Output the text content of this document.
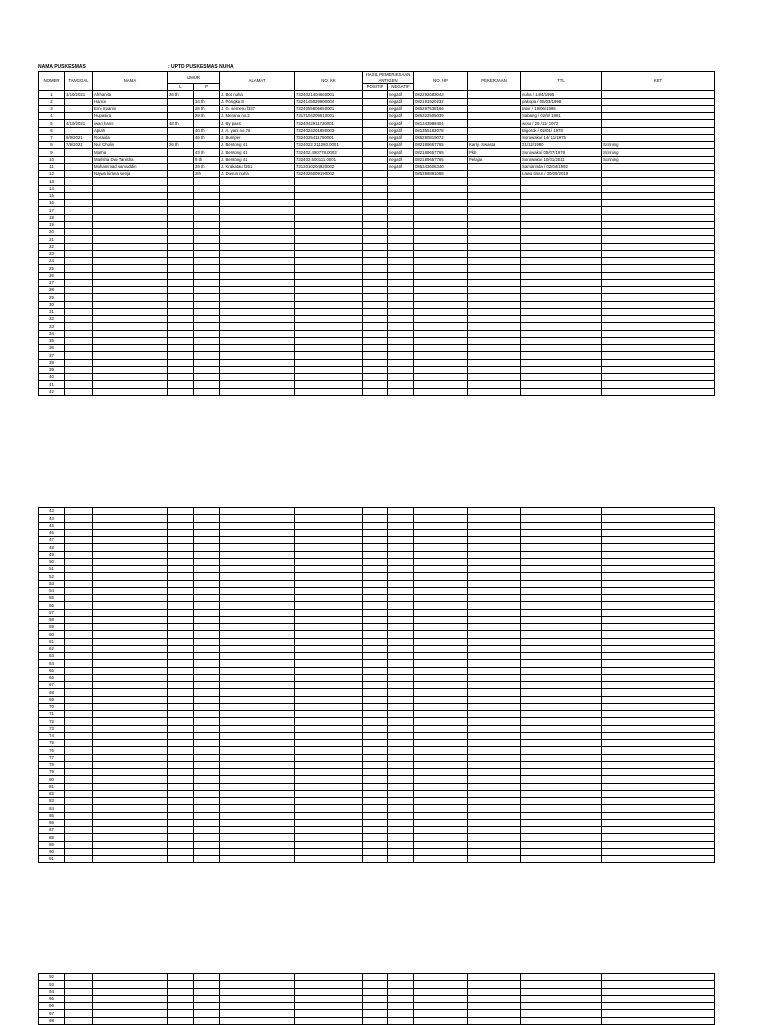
NAMA PUSKESMAS	: UPTD PUSKESMAS NUHA
NOMER	TANGGAL	NAMA	UMUR		ALAMAT	NO. KK	HASIL PEMERIKSAAN ANTIGEN		NO. HP	PEKERJAAN	TTL	KET
			L	P			POSITIF	NEGATIF				
1	1/10/2021	Afrhanita	26 th		J. Bot nuha	7324021404660001		negatif	082292683043		nuha / 14/4/1995	
2		Hance		34 th	J. Pongka 8	7324145029900004		negatif	082191920232		pakopa / 05/03/1998	
3		Erni Irpanni		26 th	J. G. semeru f337	7324055806650001		negatif	085297538166		tator / 19/06/1995	
4		Hupasira		29 th	J. Merana no.3	7317104209910001		negatif	085322505039		Sabang / 02/9/ 1991	
5	4/10/2021	iwan hans	48 th		J. By pass	7324042911720001		negatif	081343988404		wotu / 29 /11/ 1972	
6		Apiah		40 th	J. A. yani no.76	7324024201880003		negatif	081355182078		Bigorok / 02/01/ 1978	
7	6/9/2021	Rosaida		46 th	J. Bumper	7324025411750001		negatif	085280819072		Sorowako/ 14/ 11/1975	
8	7/9/2021	Nur Cholis	26 th		J. Bentong 41	7324022.211280.0001		negatif	082189657765	Karty. Swasta	21/12/1980	Scrining
9		Marha		43 th	J. Bentong 41	732402.450778.0003		negatif	082189657765	Pkb	Sorowako/ 05/07/1978	Scrining
10		Marlsha Dwi Tanisha		9 th	J. Bentong 41	732402.500111.0001		negatif	082189657765	Pelajar	Sorowako/ 10/01/2011	Scrining
11		Muhammad samuddin		29 th	J. Krakatau f251	7312010204920002		negatif	085343606340		Samarinda / 02/04/1992	
12		Najwa kirana senja		2th	J. Dusun nuha	7324025009190002			085398881088		Lawu timur / 30/09/2019	
13												
14												
15												
16												
17												
18												
19												
20												
21												
22												
23												
24												
25												
26												
27												
28												
29												
30												
31												
32												
33												
34												
35												
36												
37												
38												
39												
40												
41												
42												
43												
44												
45												
46												
47												
48												
49												
50												
51												
52												
53												
54												
55												
56												
57												
58												
59												
60												
61												
62												
63												
64												
65												
66												
67												
68												
69												
70												
71												
72												
73												
74												
75												
76												
77												
78												
79												
80												
81												
82												
83												
84												
85												
86												
87												
88												
89												
90												
91												
92												
93												
94												
95												
96												
97												
98												
